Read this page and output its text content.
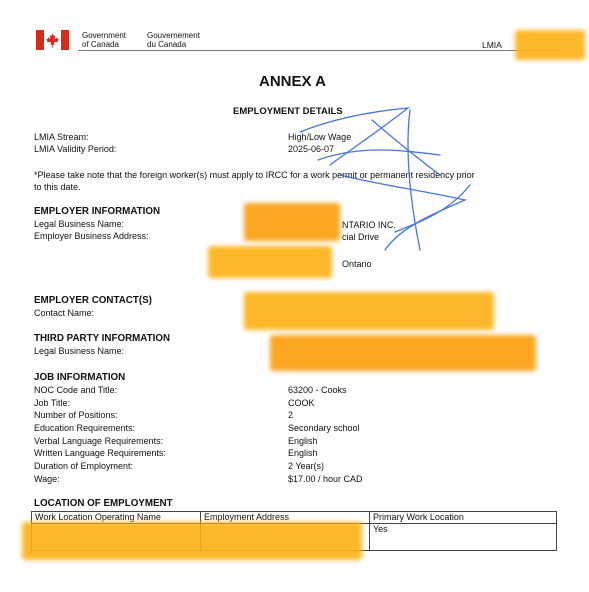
Government
of Canada
Gouvernement
du Canada	LMIA
ANNEX A
EMPLOYMENT DETAILS
LMIA Stream:	High/Low Wage
LMIA Validity Period:	2025-06-07
*Please take note that the foreign worker(s) must apply to IRCC for a work permit or permanent residency prior
to this date.
EMPLOYER INFORMATION
Legal Business Name:	NTARIO INC.
Employer Business Address:	cial Drive
Ontario
EMPLOYER CONTACT(S)
Contact Name:
THIRD PARTY INFORMATION
Legal Business Name:
JOB INFORMATION
NOC Code and Title:	63200 - Cooks
Job Title:	COOK
Number of Positions:	2
Education Requirements:	Secondary school
Verbal Language Requirements:	English
Written Language Requirements:	English
Duration of Employment:	2 Year(s)
Wage:	$17.00 / hour CAD
LOCATION OF EMPLOYMENT
Work Location Operating Name	Employment Address	Primary Work Location
		Yes
